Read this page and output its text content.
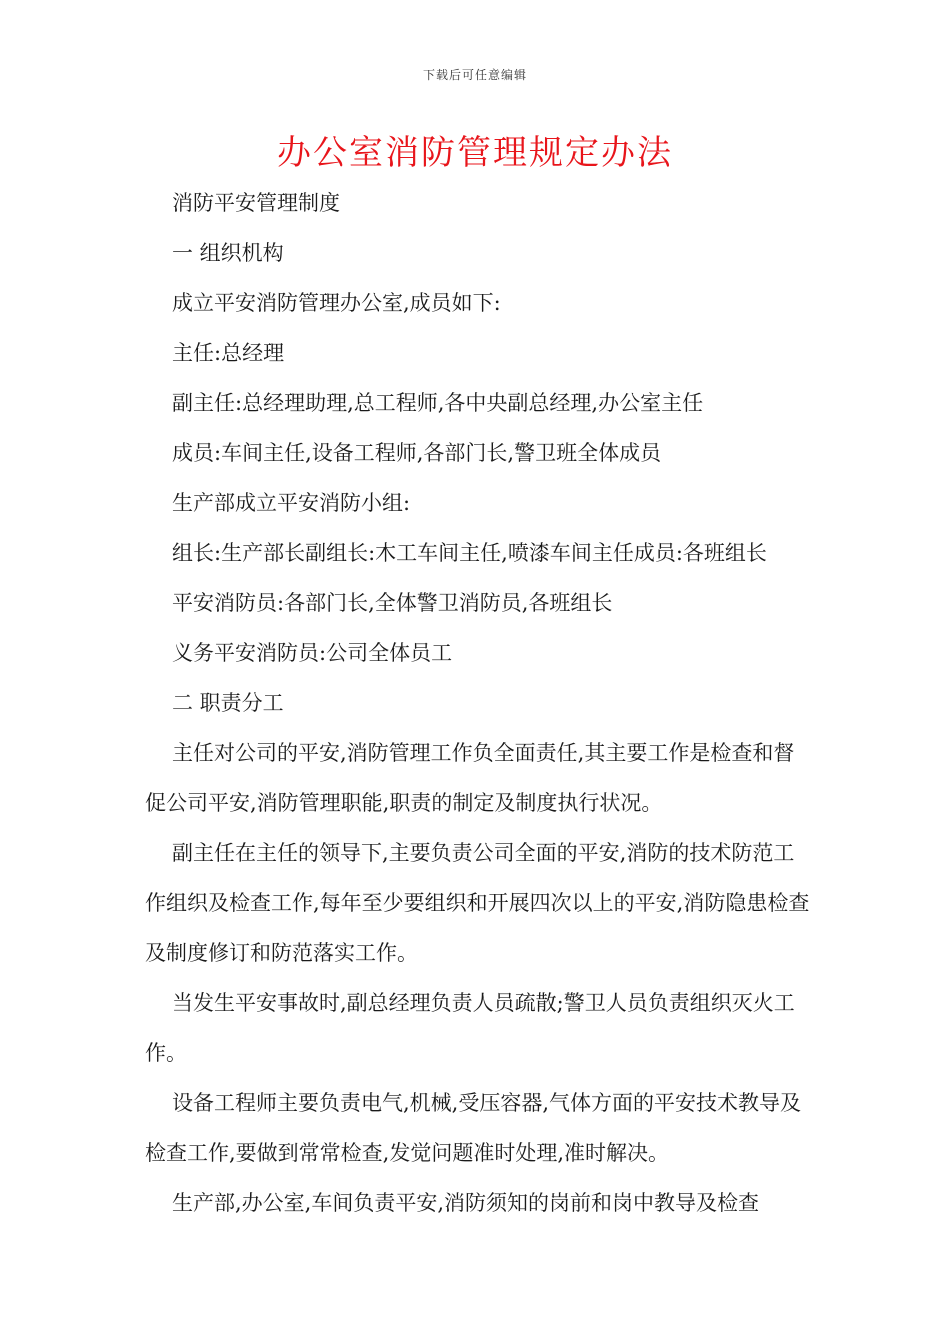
下载后可任意编辑
办公室消防管理规定办法

消防平安管理制度

一 组织机构

成立平安消防管理办公室,成员如下:

主任:总经理

副主任:总经理助理,总工程师,各中央副总经理,办公室主任

成员:车间主任,设备工程师,各部门长,警卫班全体成员

生产部成立平安消防小组:

组长:生产部长副组长:木工车间主任,喷漆车间主任成员:各班组长

平安消防员:各部门长,全体警卫消防员,各班组长

义务平安消防员:公司全体员工

二 职责分工

主任对公司的平安,消防管理工作负全面责任,其主要工作是检查和督促公司平安,消防管理职能,职责的制定及制度执行状况。

副主任在主任的领导下,主要负责公司全面的平安,消防的技术防范工作组织及检查工作,每年至少要组织和开展四次以上的平安,消防隐患检查及制度修订和防范落实工作。

当发生平安事故时,副总经理负责人员疏散;警卫人员负责组织灭火工作。

设备工程师主要负责电气,机械,受压容器,气体方面的平安技术教导及检查工作,要做到常常检查,发觉问题准时处理,准时解决。

生产部,办公室,车间负责平安,消防须知的岗前和岗中教导及检查
